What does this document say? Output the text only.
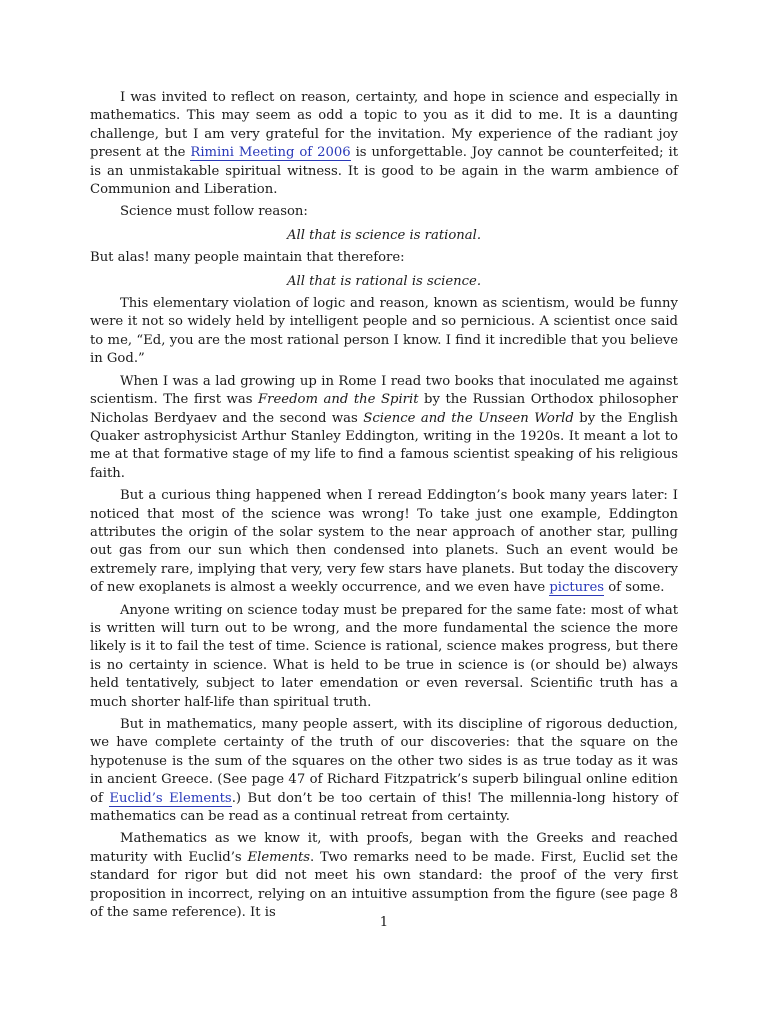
I was invited to reflect on reason, certainty, and hope in science and especially in mathematics. This may seem as odd a topic to you as it did to me. It is a daunting challenge, but I am very grateful for the invitation. My experience of the radiant joy present at the Rimini Meeting of 2006 is unforgettable. Joy cannot be counterfeited; it is an unmistakable spiritual witness. It is good to be again in the warm ambience of Communion and Liberation.

Science must follow reason:

All that is science is rational.

But alas! many people maintain that therefore:

All that is rational is science.

This elementary violation of logic and reason, known as scientism, would be funny were it not so widely held by intelligent people and so pernicious. A scientist once said to me, “Ed, you are the most rational person I know. I find it incredible that you believe in God.”

When I was a lad growing up in Rome I read two books that inoculated me against scientism. The first was Freedom and the Spirit by the Russian Orthodox philosopher Nicholas Berdyaev and the second was Science and the Unseen World by the English Quaker astrophysicist Arthur Stanley Eddington, writing in the 1920s. It meant a lot to me at that formative stage of my life to find a famous scientist speaking of his religious faith.

But a curious thing happened when I reread Eddington’s book many years later: I noticed that most of the science was wrong! To take just one example, Eddington attributes the origin of the solar system to the near approach of another star, pulling out gas from our sun which then condensed into planets. Such an event would be extremely rare, implying that very, very few stars have planets. But today the discovery of new exoplanets is almost a weekly occurrence, and we even have pictures of some.

Anyone writing on science today must be prepared for the same fate: most of what is written will turn out to be wrong, and the more fundamental the science the more likely is it to fail the test of time. Science is rational, science makes progress, but there is no certainty in science. What is held to be true in science is (or should be) always held tentatively, subject to later emendation or even reversal. Scientific truth has a much shorter half-life than spiritual truth.

But in mathematics, many people assert, with its discipline of rigorous deduction, we have complete certainty of the truth of our discoveries: that the square on the hypotenuse is the sum of the squares on the other two sides is as true today as it was in ancient Greece. (See page 47 of Richard Fitzpatrick’s superb bilingual online edition of Euclid’s Elements.) But don’t be too certain of this! The millennia-long history of mathematics can be read as a continual retreat from certainty.

Mathematics as we know it, with proofs, began with the Greeks and reached maturity with Euclid’s Elements. Two remarks need to be made. First, Euclid set the standard for rigor but did not meet his own standard: the proof of the very first proposition in incorrect, relying on an intuitive assumption from the figure (see page 8 of the same reference). It is

1
